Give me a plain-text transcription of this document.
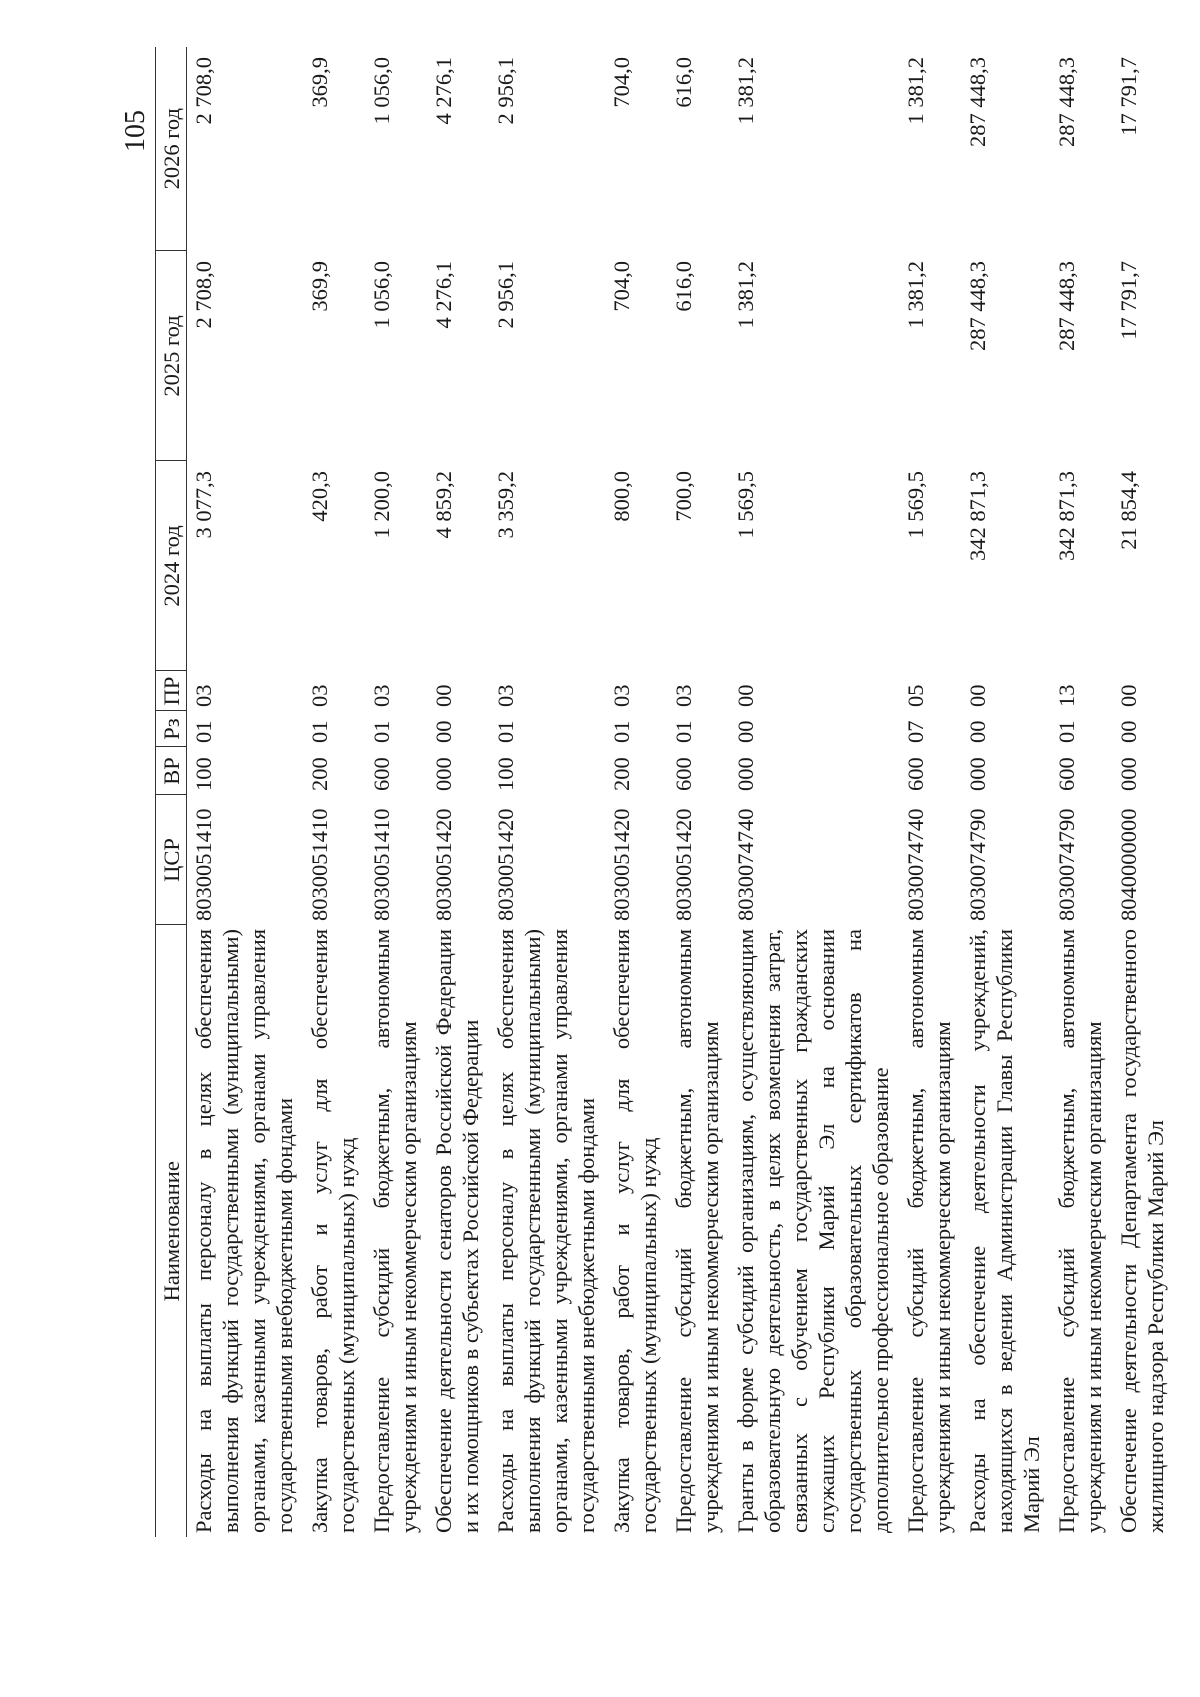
105
Наименование	ЦСР	ВР	Рз	ПР	2024 год	2025 год	2026 год
Расходы на выплаты персоналу в целях обеспечения выполнения функций государственными (муниципальными) органами, казенными учреждениями, органами управления государственными внебюджетными фондами	8030051410	100	01	03	3 077,3	2 708,0	2 708,0
Закупка товаров, работ и услуг для обеспечения государственных (муниципальных) нужд	8030051410	200	01	03	420,3	369,9	369,9
Предоставление субсидий бюджетным, автономным учреждениям и иным некоммерческим организациям	8030051410	600	01	03	1 200,0	1 056,0	1 056,0
Обеспечение деятельности сенаторов Российской Федерации и их помощников в субъектах Российской Федерации	8030051420	000	00	00	4 859,2	4 276,1	4 276,1
Расходы на выплаты персоналу в целях обеспечения выполнения функций государственными (муниципальными) органами, казенными учреждениями, органами управления государственными внебюджетными фондами	8030051420	100	01	03	3 359,2	2 956,1	2 956,1
Закупка товаров, работ и услуг для обеспечения государственных (муниципальных) нужд	8030051420	200	01	03	800,0	704,0	704,0
Предоставление субсидий бюджетным, автономным учреждениям и иным некоммерческим организациям	8030051420	600	01	03	700,0	616,0	616,0
Гранты в форме субсидий организациям, осуществляющим образовательную деятельность, в целях возмещения затрат, связанных с обучением государственных гражданских служащих Республики Марий Эл на основании государственных образовательных сертификатов на дополнительное профессиональное образование	8030074740	000	00	00	1 569,5	1 381,2	1 381,2
Предоставление субсидий бюджетным, автономным учреждениям и иным некоммерческим организациям	8030074740	600	07	05	1 569,5	1 381,2	1 381,2
Расходы на обеспечение деятельности учреждений, находящихся в ведении Администрации Главы Республики Марий Эл	8030074790	000	00	00	342 871,3	287 448,3	287 448,3
Предоставление субсидий бюджетным, автономным учреждениям и иным некоммерческим организациям	8030074790	600	01	13	342 871,3	287 448,3	287 448,3
Обеспечение деятельности Департамента государственного жилищного надзора Республики Марий Эл	8040000000	000	00	00	21 854,4	17 791,7	17 791,7
